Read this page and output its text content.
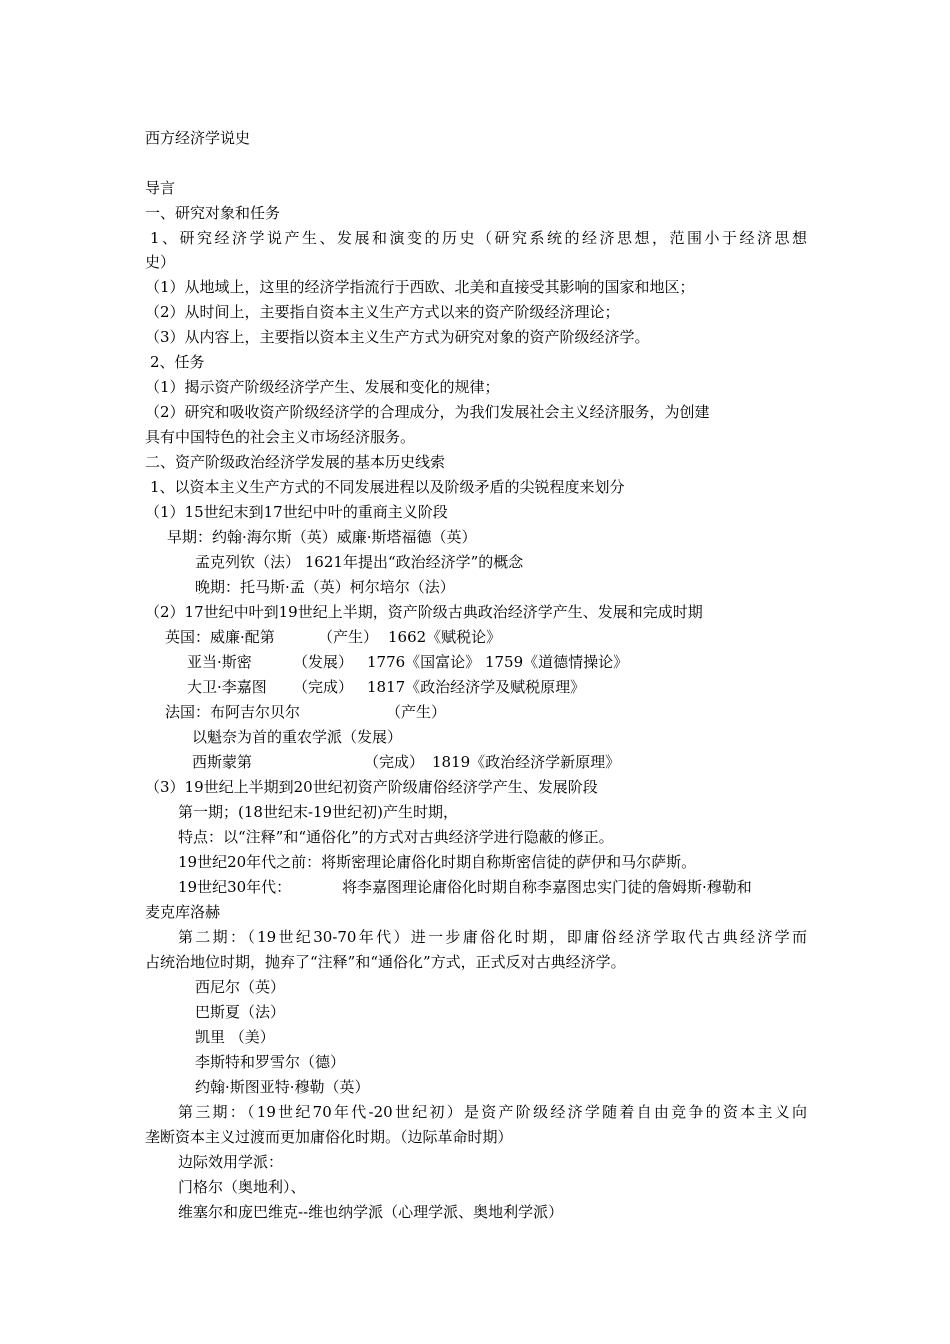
西方经济学说史
导言
一、研究对象和任务
1、研究经济学说产生、发展和演变的历史（研究系统的经济思想，范围小于经济思想
史）
（1）从地域上，这里的经济学指流行于西欧、北美和直接受其影响的国家和地区；
（2）从时间上，主要指自资本主义生产方式以来的资产阶级经济理论；
（3）从内容上，主要指以资本主义生产方式为研究对象的资产阶级经济学。
2、任务
（1）揭示资产阶级经济学产生、发展和变化的规律；
（2）研究和吸收资产阶级经济学的合理成分，为我们发展社会主义经济服务，为创建
具有中国特色的社会主义市场经济服务。
二、资产阶级政治经济学发展的基本历史线索
1、以资本主义生产方式的不同发展进程以及阶级矛盾的尖锐程度来划分
（1）15世纪末到17世纪中叶的重商主义阶段
早期：约翰·海尔斯（英）威廉·斯塔福德（英）
孟克列钦（法） 1621年提出“政治经济学”的概念
晚期：托马斯·孟（英）柯尔培尔（法）
（2）17世纪中叶到19世纪上半期，资产阶级古典政治经济学产生、发展和完成时期
英国：威廉·配第	（产生） 1662《赋税论》
亚当·斯密	（发展） 1776《国富论》 1759《道德情操论》
大卫·李嘉图 （完成） 1817《政治经济学及赋税原理》
法国：布阿吉尔贝尔	（产生）
以魁奈为首的重农学派（发展）
西斯蒙第	（完成） 1819《政治经济学新原理》
（3）19世纪上半期到20世纪初资产阶级庸俗经济学产生、发展阶段
第一期；(18世纪末-19世纪初)产生时期，
特点：以“注释”和“通俗化”的方式对古典经济学进行隐蔽的修正。
19世纪20年代之前：将斯密理论庸俗化时期自称斯密信徒的萨伊和马尔萨斯。
19世纪30年代：	将李嘉图理论庸俗化时期自称李嘉图忠实门徒的詹姆斯·穆勒和
麦克库洛赫
第二期：（19世纪30-70年代）进一步庸俗化时期，即庸俗经济学取代古典经济学而
占统治地位时期，抛弃了“注释”和“通俗化”方式，正式反对古典经济学。
西尼尔（英）
巴斯夏（法）
凯里 （美）
李斯特和罗雪尔（德）
约翰·斯图亚特·穆勒（英）
第三期：（19世纪70年代-20世纪初）是资产阶级经济学随着自由竞争的资本主义向
垄断资本主义过渡而更加庸俗化时期。（边际革命时期）
边际效用学派：
门格尔（奥地利）、
维塞尔和庞巴维克--维也纳学派（心理学派、奥地利学派）
